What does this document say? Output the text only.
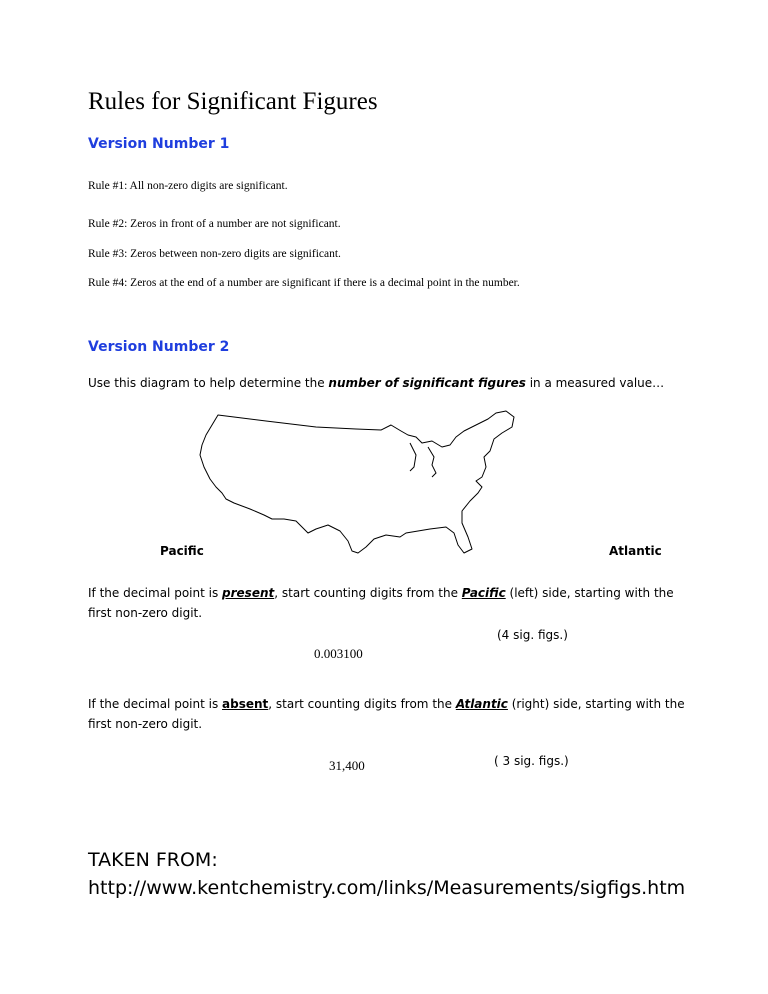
Rules for Significant Figures
Version Number 1
Rule #1: All non-zero digits are significant.
Rule #2: Zeros in front of a number are not significant.
Rule #3: Zeros between non-zero digits are significant.
Rule #4: Zeros at the end of a number are significant if there is a decimal point in the number.
Version Number 2
Use this diagram to help determine the number of significant figures in a measured value…
Pacific	Atlantic
If the decimal point is present, start counting digits from the Pacific (left) side, starting with the first non-zero digit.
(4 sig. figs.)
0.003100
If the decimal point is absent, start counting digits from the Atlantic (right) side, starting with the first non-zero digit.
( 3 sig. figs.)
31,400
TAKEN FROM:
http://www.kentchemistry.com/links/Measurements/sigfigs.htm
